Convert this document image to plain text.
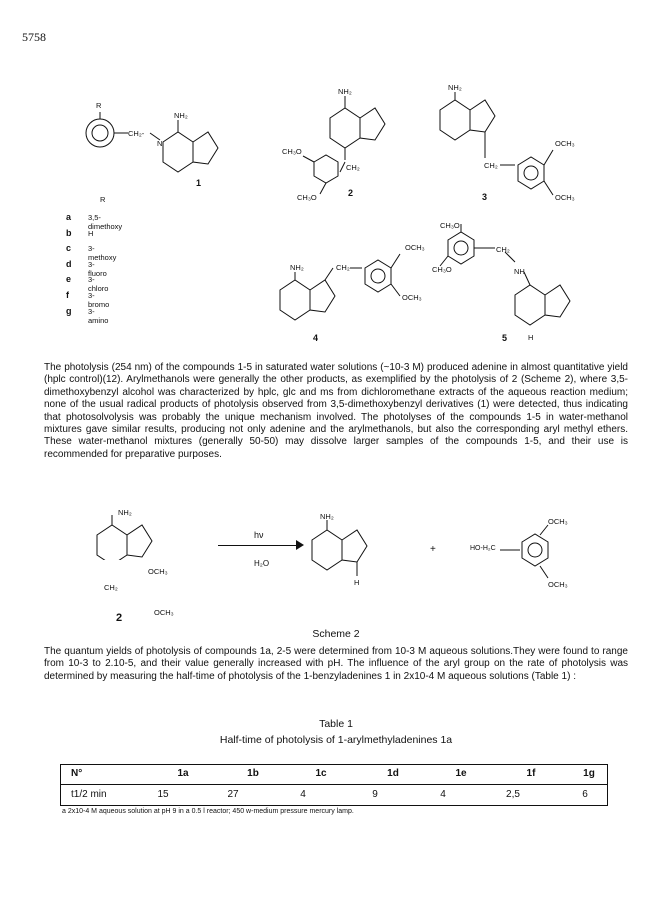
5758
R
CH₂-
NH₂
N
1
R
NH₂
CH₃O
CH₂
CH₃O	2
NH₂
OCH₃
CH₂
OCH₃
3
OCH₃
NH₂	CH₂
OCH₃
4
CH₃O
CH₃O
CH₂
NH
H
5
a	3,5-dimethoxy
b	H
c	3-methoxy
d	3-fluoro
e	3-chloro
f	3-bromo
g	3- amino
The photolysis (254 nm) of the compounds 1-5 in saturated water solutions (~10-3 M) produced adenine in almost quantitative yield (hplc control)(12). Arylmethanols were generally the other products, as exemplified by the photolysis of 2 (Scheme 2), where 3,5-dimethoxybenzyl alcohol was characterized by hplc, glc and ms from dichloromethane extracts of the aqueous reaction medium; none of the usual radical products of photolysis observed from 3,5-dimethoxybenzyl derivatives (1) were detected, thus indicating that photosolvolysis was probably the unique mechanism involved. The photolyses of the compounds 1-5 in water-methanol mixtures gave similar results, producing not only adenine and the arylmethanols, but also the corresponding aryl methyl ethers. These water-methanol mixtures (generally 50-50) may dissolve larger samples of the compounds 1-5, and their use is recommended for preparative purposes.
NH₂
OCH₃
CH₂
OCH₃
2
hν
H₂O
NH₂
H
+	HO-H₂C
OCH₃
OCH₃
Scheme 2
The quantum yields of photolysis of compounds 1a, 2-5 were determined from 10-3 M aqueous solutions.They were found to range from 10-3 to 2.10-5, and their value generally increased with pH. The influence of the aryl group on the rate of photolysis was determined by measuring the half-time of photolysis of the 1-benzyladenines 1 in 2x10-4 M aqueous solutions (Table 1) :
Table 1
Half-time of photolysis of 1-arylmethyladenines 1a
N°	1a	1b	1c	1d	1e	1f	1g
t1/2 min	15	27	4	9	4	2,5	6
a 2x10-4 M aqueous solution at pH 9 in a 0.5 l reactor; 450 w-medium pressure mercury lamp.
